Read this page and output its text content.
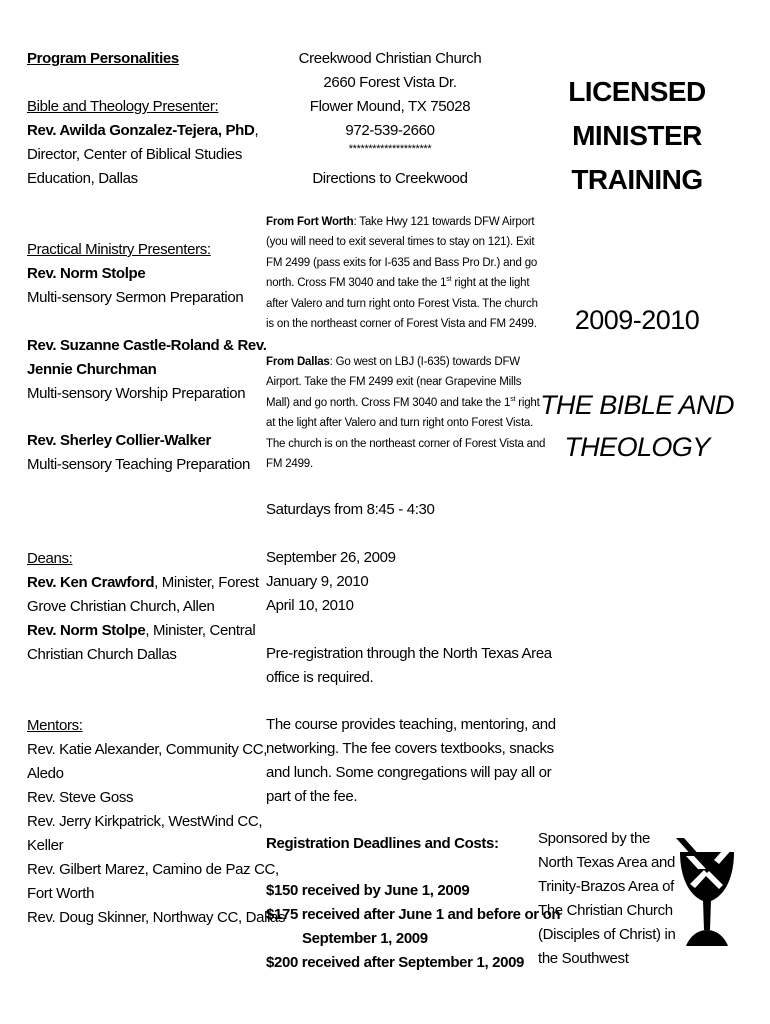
Program Personalities
Bible and Theology Presenter:
Rev. Awilda Gonzalez-Tejera, PhD,
Director, Center of Biblical Studies
Education, Dallas
Practical Ministry Presenters:
Rev. Norm Stolpe
Multi-sensory Sermon Preparation
Rev. Suzanne Castle-Roland & Rev.
Jennie Churchman
Multi-sensory Worship Preparation
Rev. Sherley Collier-Walker
Multi-sensory Teaching Preparation
Deans:
Rev. Ken Crawford, Minister, Forest
Grove Christian Church, Allen
Rev. Norm Stolpe, Minister, Central
Christian Church Dallas
Mentors:
Rev. Katie Alexander, Community CC,
Aledo
Rev. Steve Goss
Rev. Jerry Kirkpatrick, WestWind CC,
Keller
Rev. Gilbert Marez, Camino de Paz CC,
Fort Worth
Rev. Doug Skinner, Northway CC, Dallas
Creekwood Christian Church
2660 Forest Vista Dr.
Flower Mound, TX 75028
972-539-2660
*********************
Directions to Creekwood
From Fort Worth: Take Hwy 121 towards DFW Airport
(you will need to exit several times to stay on 121). Exit
FM 2499 (pass exits for I-635 and Bass Pro Dr.) and go
north. Cross FM 3040 and take the 1st right at the light
after Valero and turn right onto Forest Vista. The church
is on the northeast corner of Forest Vista and FM 2499.
From Dallas: Go west on LBJ (I-635) towards DFW
Airport. Take the FM 2499 exit (near Grapevine Mills
Mall) and go north. Cross FM 3040 and take the 1st right
at the light after Valero and turn right onto Forest Vista.
The church is on the northeast corner of Forest Vista and
FM 2499.
Saturdays from 8:45 - 4:30
September 26, 2009
January 9, 2010
April 10, 2010
Pre-registration through the North Texas Area
office is required.
The course provides teaching, mentoring, and
networking. The fee covers textbooks, snacks
and lunch. Some congregations will pay all or
part of the fee.
Registration Deadlines and Costs:
$150 received by June 1, 2009
$175 received after June 1 and before or on
September 1, 2009
$200 received after September 1, 2009
LICENSED
MINISTER
TRAINING
2009-2010
THE BIBLE AND
THEOLOGY
Sponsored by the
North Texas Area and
Trinity-Brazos Area of
The Christian Church
(Disciples of Christ) in
the Southwest
